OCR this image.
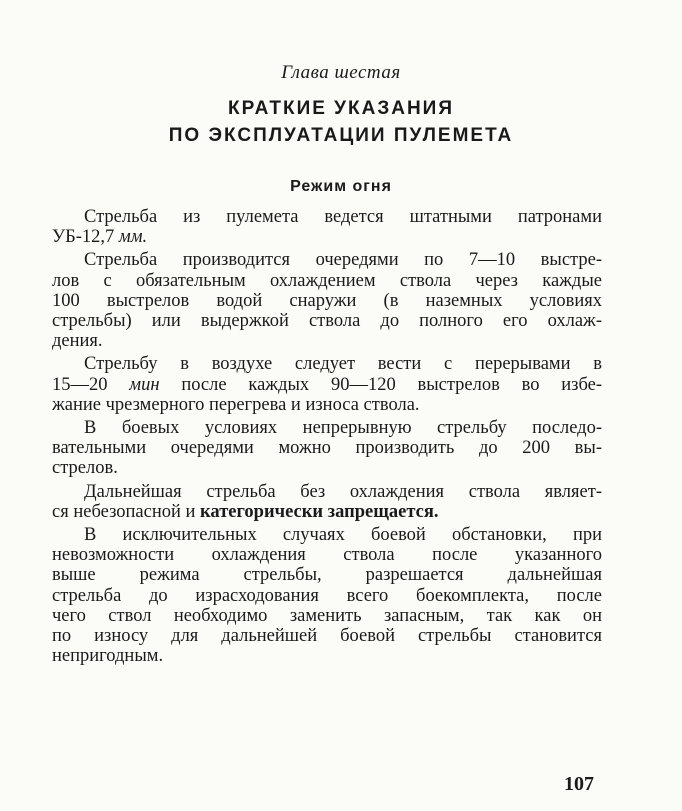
Глава шестая
КРАТКИЕ УКАЗАНИЯ
ПО ЭКСПЛУАТАЦИИ ПУЛЕМЕТА
Режим огня
Стрельба из пулемета ведется штатными патронами
УБ-12,7 мм.
Стрельба производится очередями по 7—10 выстре-
лов с обязательным охлаждением ствола через каждые
100 выстрелов водой снаружи (в наземных условиях
стрельбы) или выдержкой ствола до полного его охлаж-
дения.
Стрельбу в воздухе следует вести с перерывами в
15—20 мин после каждых 90—120 выстрелов во избе-
жание чрезмерного перегрева и износа ствола.
В боевых условиях непрерывную стрельбу последо-
вательными очередями можно производить до 200 вы-
стрелов.
Дальнейшая стрельба без охлаждения ствола являет-
ся небезопасной и категорически запрещается.
В исключительных случаях боевой обстановки, при
невозможности охлаждения ствола после указанного
выше режима стрельбы, разрешается дальнейшая
стрельба до израсходования всего боекомплекта, после
чего ствол необходимо заменить запасным, так как он
по износу для дальнейшей боевой стрельбы становится
непригодным.
107
